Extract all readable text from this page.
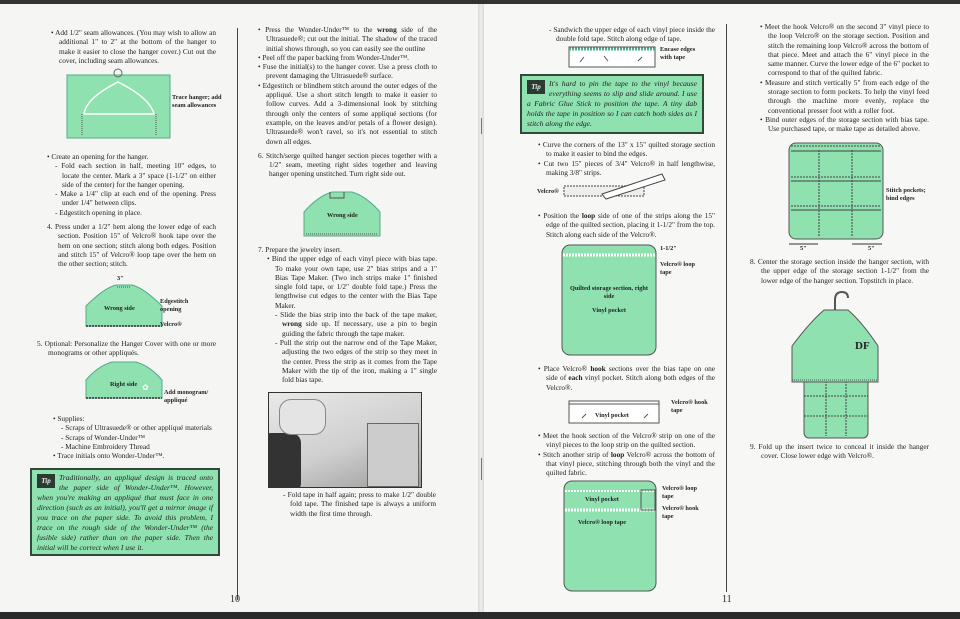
• Add 1/2" seam allowances. (You may wish to allow an additional 1" to 2" at the bottom of the hanger to make it easier to close the hanger cover.) Cut out the cover, including seam allowances.

Trace hanger; add seam allowances

• Create an opening for the hanger.

- Fold each section in half, meeting 10" edges, to locate the center. Mark a 3" space (1-1/2" on either side of the center) for the hanger opening.

- Make a 1/4" clip at each end of the opening. Press under 1/4" between clips.

- Edgestitch opening in place.

4. Press under a 1/2" hem along the lower edge of each section. Position 15" of Velcro® hook tape over the hem on one section; stitch along both edges. Position and stitch 15" of Velcro® loop tape over the hem on the other section; stitch.

3"
Wrong side
Edgestitch opening
Velcro®

5. Optional: Personalize the Hanger Cover with one or more monograms or other appliqués.

✿
Right side
Add monogram/ appliqué

• Supplies:

- Scraps of Ultrasuede® or other appliqué materials

- Scraps of Wonder-Under™

- Machine Embroidery Thread

• Trace initials onto Wonder-Under™.

Tip	Traditionally, an appliqué design is traced onto the paper side of Wonder-Under™. However, when you're making an appliqué that must face in one direction (such as an initial), you'll get a mirror image if you trace on the paper side. To avoid this problem, I trace on the rough side of the Wonder-Under™ (the fusible side) rather than on the paper side. Then the initial will be correct when I use it.
10

• Press the Wonder-Under™ to the wrong side of the Ultrasuede®; cut out the initial. The shadow of the traced initial shows through, so you can easily see the outline

• Peel off the paper backing from Wonder-Under™.

• Fuse the initial(s) to the hanger cover. Use a press cloth to prevent damaging the Ultrasuede® surface.

• Edgestitch or blindhem stitch around the outer edges of the appliqué. Use a short stitch length to make it easier to follow curves. Add a 3-dimensional look by stitching through only the centers of some appliqué sections (for example, on the leaves and/or petals of a flower design). Ultrasuede® won't ravel, so it's not essential to stitch down all edges.

6. Stitch/serge quilted hanger section pieces together with a 1/2" seam, meeting right sides together and leaving hanger opening unstitched. Turn right side out.

Wrong side

7. Prepare the jewelry insert.

• Bind the upper edge of each vinyl piece with bias tape. To make your own tape, use 2" bias strips and a 1" Bias Tape Maker. (Two inch strips make 1" finished single fold tape, or 1/2" double fold tape.) Press the lengthwise cut edges to the center with the Bias Tape Maker.

- Slide the bias strip into the back of the tape maker, wrong side up. If necessary, use a pin to begin guiding the fabric through the tape maker.

- Pull the strip out the narrow end of the Tape Maker, adjusting the two edges of the strip so they meet in the center. Press the strip as it comes from the Tape Maker with the tip of the iron, making a 1" single fold bias tape.

- Fold tape in half again; press to make 1/2" double fold tape. The finished tape is always a uniform width the first time through.

- Sandwich the upper edge of each vinyl piece inside the double fold tape. Stitch along edge of tape.

Encase edges with tape
Tip	It's hard to pin the tape to the vinyl because everything seems to slip and slide around. I use a Fabric Glue Stick to position the tape. A tiny dab holds the tape in position so I can catch both sides as I stitch along the edge.

• Curve the corners of the 13" x 15" quilted storage section to make it easier to bind the edges.

• Cut two 15" pieces of 3/4" Velcro® in half lengthwise, making 3/8" strips.

Velcro®

• Position the loop side of one of the strips along the 15" edge of the quilted section, placing it 1-1/2" from the top. Stitch along each side of the Velcro®.

1-1/2"
Velcro® loop tape
Quilted storage section, right side
Vinyl pocket

• Place Velcro® hook sections over the bias tape on one side of each vinyl pocket. Stitch along both edges of the Velcro®.

Vinyl pocket
Velcro® hook tape

• Meet the hook section of the Velcro® strip on one of the vinyl pieces to the loop strip on the quilted section.

• Stitch another strip of loop Velcro® across the bottom of that vinyl piece, stitching through both the vinyl and the quilted fabric.

Vinyl pocket
Velcro® loop tape
Velcro® loop tape
Velcro® hook tape
11

• Meet the hook Velcro® on the second 3" vinyl piece to the loop Velcro® on the storage section. Position and stitch the remaining loop Velcro® across the bottom of that piece. Meet and attach the 6" vinyl piece in the same manner. Curve the lower edge of the 6" pocket to correspond to that of the quilted fabric.

• Measure and stitch vertically 5" from each edge of the storage section to form pockets. To help the vinyl feed through the machine more evenly, replace the conventional presser foot with a roller foot.

• Bind outer edges of the storage section with bias tape. Use purchased tape, or make tape as detailed above.

Stitch pockets; bind edges
5"	5"

8. Center the storage section inside the hanger section, with the upper edge of the storage section 1-1/2" from the lower edge of the hanger section. Topstitch in place.

DF

9. Fold up the insert twice to conceal it inside the hanger cover. Close lower edge with Velcro®.
